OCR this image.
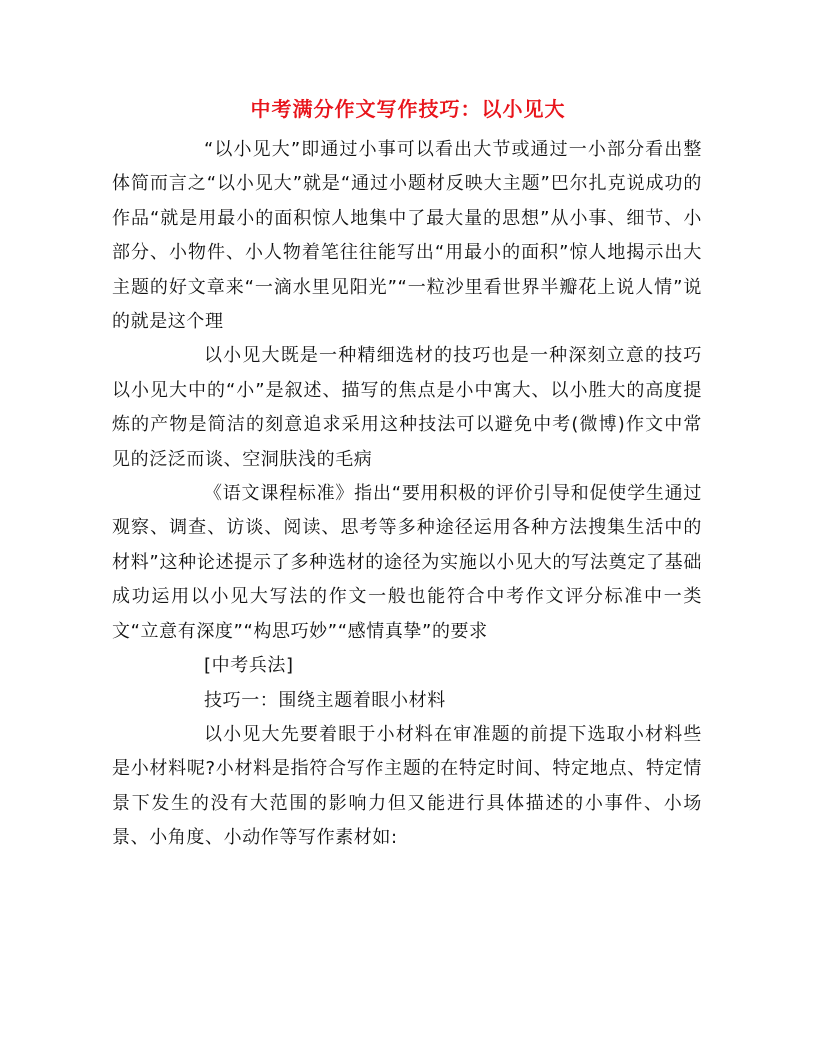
中考满分作文写作技巧：以小见大

“以小见大”即通过小事可以看出大节或通过一小部分看出整体简而言之“以小见大”就是“通过小题材反映大主题”巴尔扎克说成功的作品“就是用最小的面积惊人地集中了最大量的思想”从小事、细节、小部分、小物件、小人物着笔往往能写出“用最小的面积”惊人地揭示出大主题的好文章来“一滴水里见阳光”“一粒沙里看世界半瓣花上说人情”说的就是这个理

以小见大既是一种精细选材的技巧也是一种深刻立意的技巧以小见大中的“小”是叙述、描写的焦点是小中寓大、以小胜大的高度提炼的产物是简洁的刻意追求采用这种技法可以避免中考(微博)作文中常见的泛泛而谈、空洞肤浅的毛病

《语文课程标准》指出“要用积极的评价引导和促使学生通过观察、调查、访谈、阅读、思考等多种途径运用各种方法搜集生活中的材料”这种论述提示了多种选材的途径为实施以小见大的写法奠定了基础成功运用以小见大写法的作文一般也能符合中考作文评分标准中一类文“立意有深度”“构思巧妙”“感情真挚”的要求

[中考兵法]

技巧一：围绕主题着眼小材料

以小见大先要着眼于小材料在审准题的前提下选取小材料些是小材料呢?小材料是指符合写作主题的在特定时间、特定地点、特定情景下发生的没有大范围的影响力但又能进行具体描述的小事件、小场景、小角度、小动作等写作素材如:
